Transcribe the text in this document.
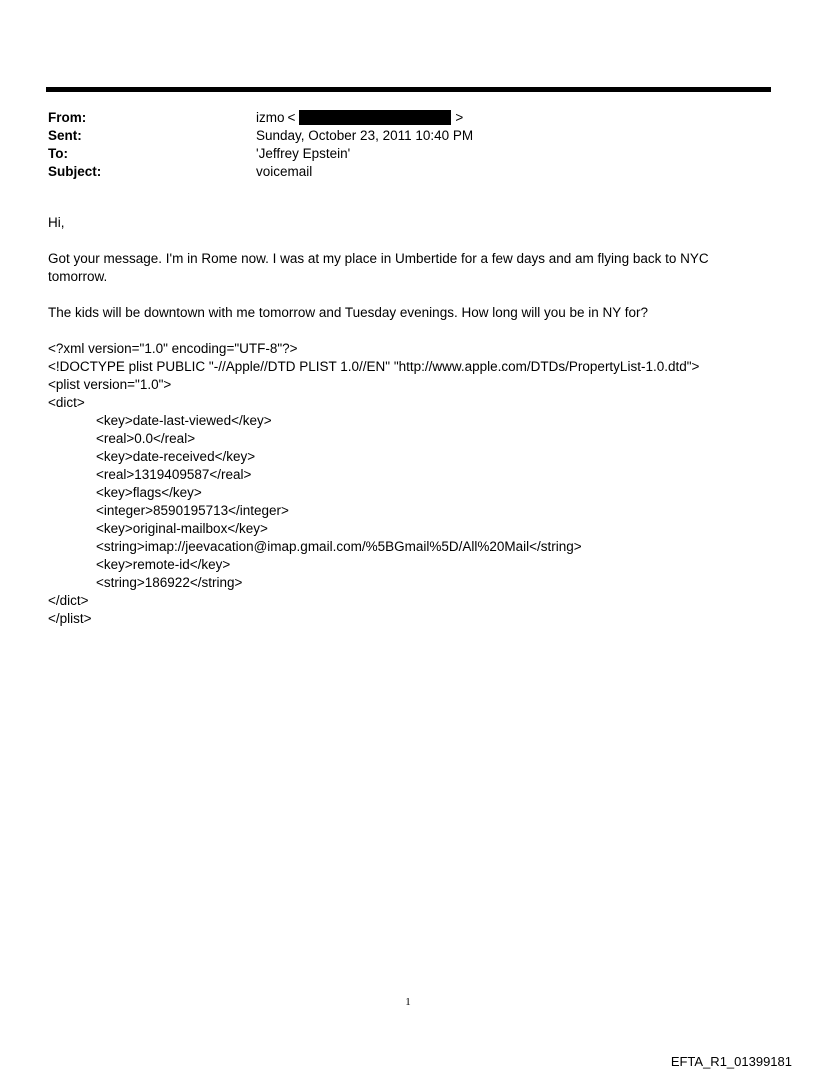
From:	izmo <	>
Sent:	Sunday, October 23, 2011 10:40 PM
To:	'Jeffrey Epstein'
Subject:	voicemail

Hi,

Got your message. I'm in Rome now. I was at my place in Umbertide for a few days and am flying back to NYC tomorrow.

The kids will be downtown with me tomorrow and Tuesday evenings. How long will you be in NY for?

<?xml version="1.0" encoding="UTF-8"?>
<!DOCTYPE plist PUBLIC "-//Apple//DTD PLIST 1.0//EN" "http://www.apple.com/DTDs/PropertyList-1.0.dtd">
<plist version="1.0">
<dict>
<key>date-last-viewed</key>
<real>0.0</real>
<key>date-received</key>
<real>1319409587</real>
<key>flags</key>
<integer>8590195713</integer>
<key>original-mailbox</key>
<string>imap://jeevacation@imap.gmail.com/%5BGmail%5D/All%20Mail</string>
<key>remote-id</key>
<string>186922</string>
</dict>
</plist>
1
EFTA_R1_01399181
